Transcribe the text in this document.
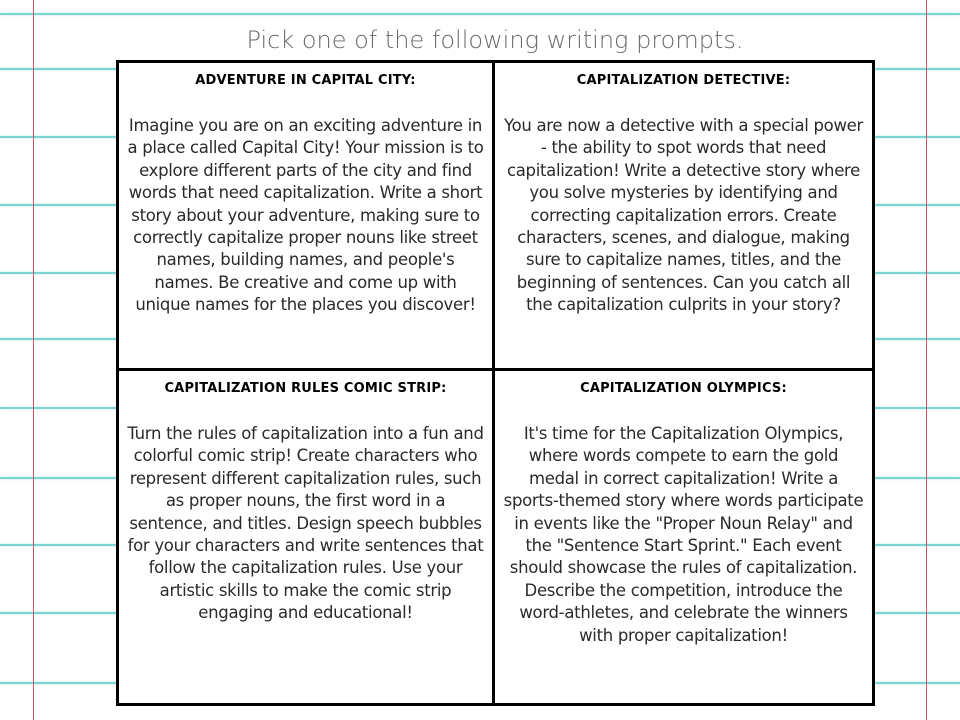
Pick one of the following writing prompts.
ADVENTURE IN CAPITAL CITY:
Imagine you are on an exciting adventure in a place called Capital City! Your mission is to explore different parts of the city and find words that need capitalization. Write a short story about your adventure, making sure to correctly capitalize proper nouns like street names, building names, and people's names. Be creative and come up with unique names for the places you discover!
CAPITALIZATION DETECTIVE:
You are now a detective with a special power - the ability to spot words that need capitalization! Write a detective story where you solve mysteries by identifying and correcting capitalization errors. Create characters, scenes, and dialogue, making sure to capitalize names, titles, and the beginning of sentences. Can you catch all the capitalization culprits in your story?
CAPITALIZATION RULES COMIC STRIP:
Turn the rules of capitalization into a fun and colorful comic strip! Create characters who represent different capitalization rules, such as proper nouns, the first word in a sentence, and titles. Design speech bubbles for your characters and write sentences that follow the capitalization rules. Use your artistic skills to make the comic strip engaging and educational!
CAPITALIZATION OLYMPICS:
It's time for the Capitalization Olympics, where words compete to earn the gold medal in correct capitalization! Write a sports-themed story where words participate in events like the "Proper Noun Relay" and the "Sentence Start Sprint." Each event should showcase the rules of capitalization. Describe the competition, introduce the word-athletes, and celebrate the winners with proper capitalization!
